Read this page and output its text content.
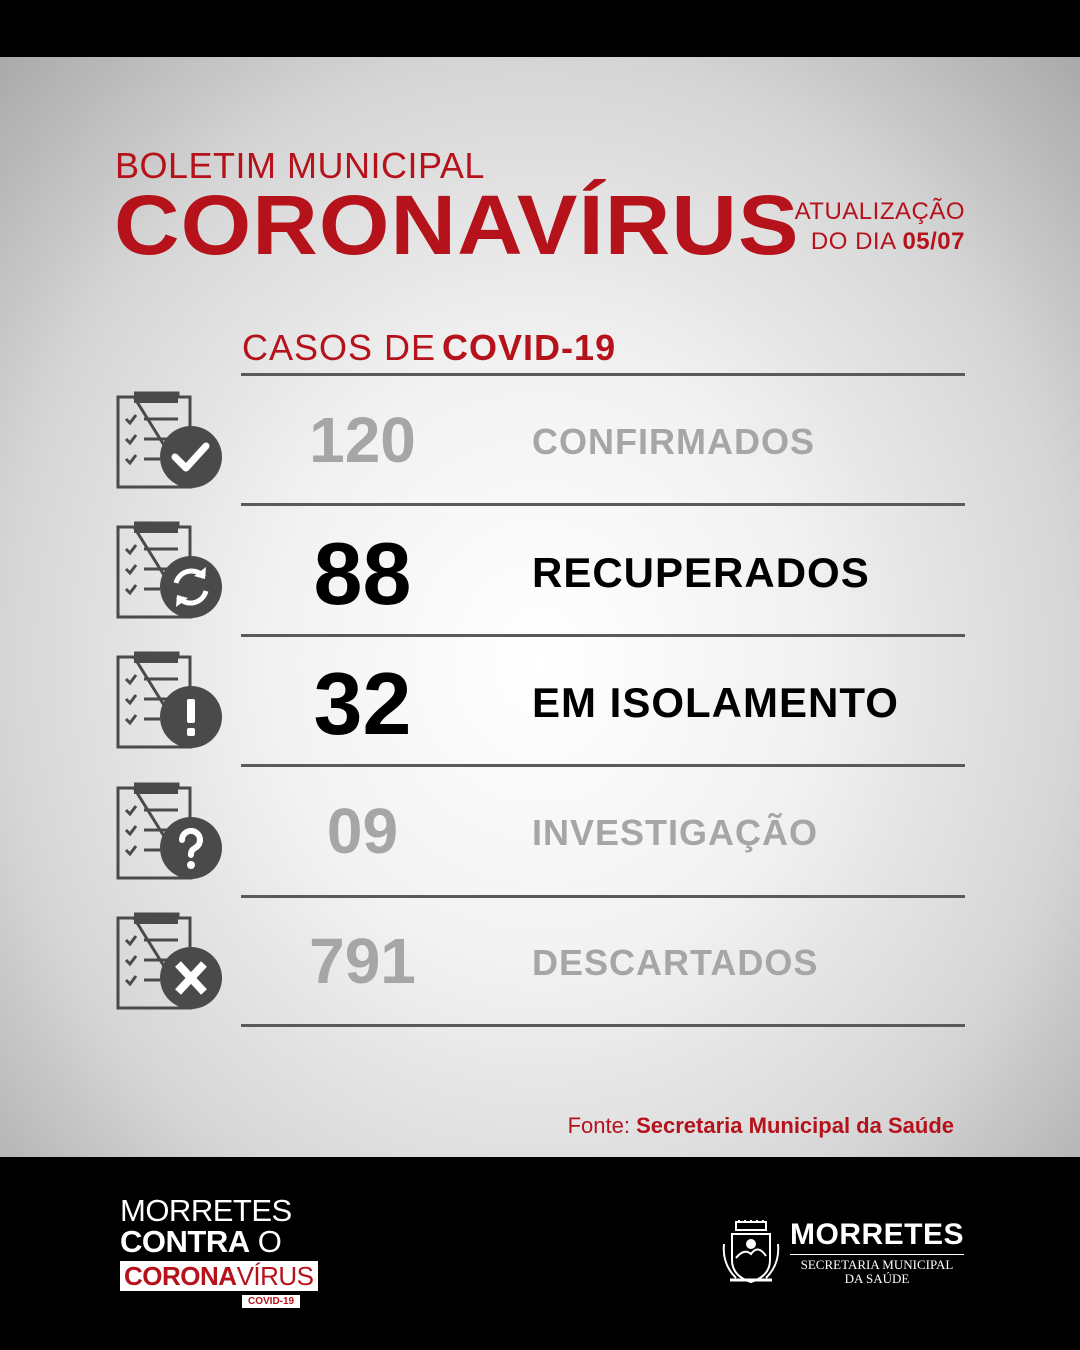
BOLETIM MUNICIPAL
CORONAVÍRUS
ATUALIZAÇÃO
DO DIA 05/07
CASOS DE COVID-19
120	CONFIRMADOS
88	RECUPERADOS
32	EM ISOLAMENTO
09	INVESTIGAÇÃO
791	DESCARTADOS
Fonte: Secretaria Municipal da Saúde
MORRETES
CONTRA O
CORONAVÍRUS COVID-19
MORRETES
SECRETARIA MUNICIPAL
DA SAÚDE
